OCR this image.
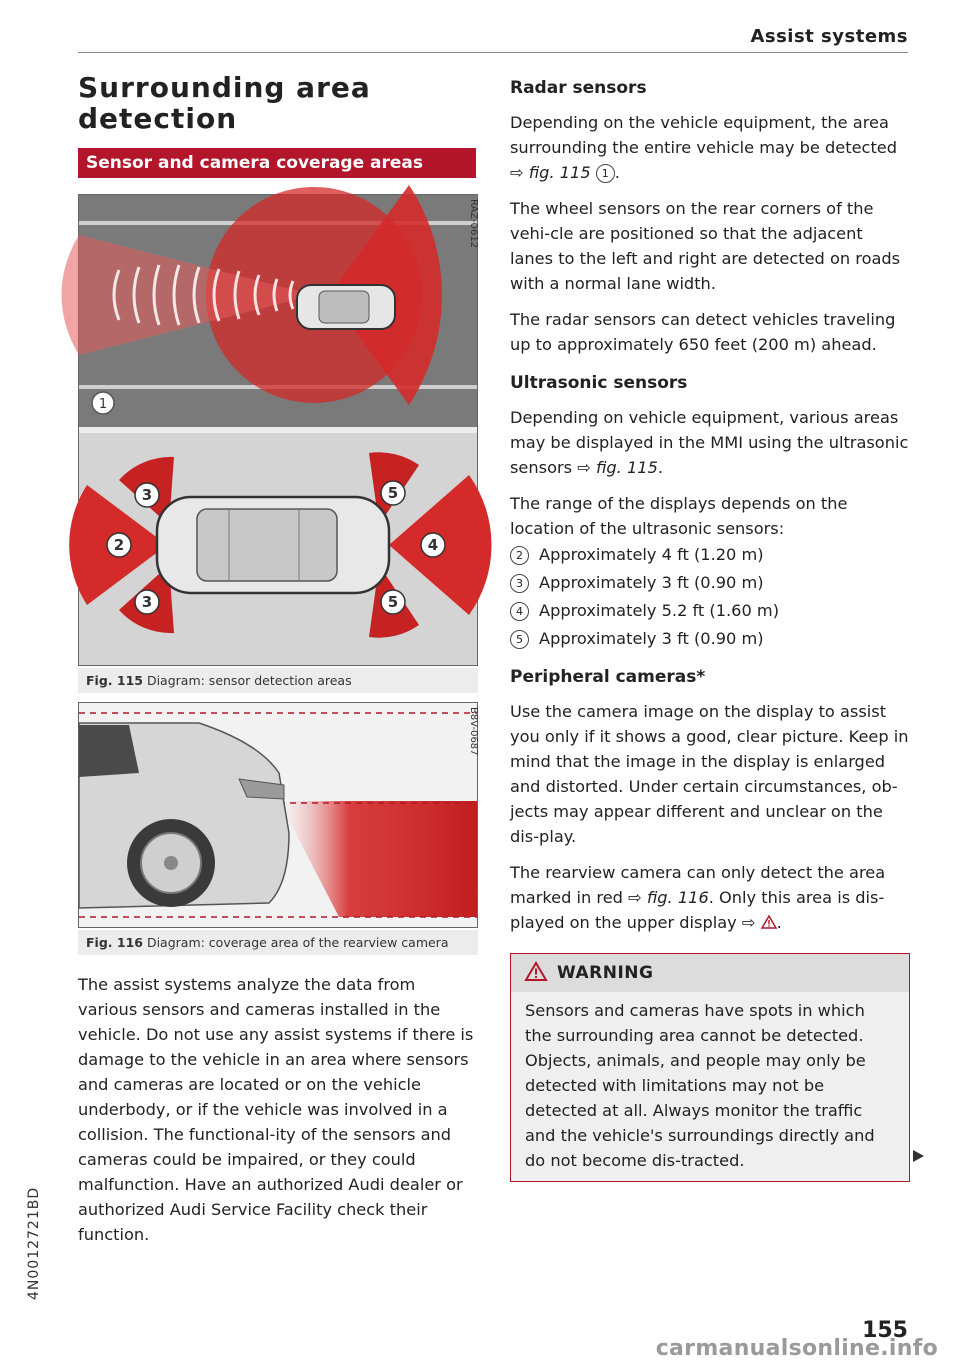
Assist systems
Surrounding area
detection
Sensor and camera coverage areas
1
2
3
3
4
5
5
RAZ-0612
Fig. 115 Diagram: sensor detection areas
B8V-0687
Fig. 116 Diagram: coverage area of the rearview camera
The assist systems analyze the data from various sensors and cameras installed in the vehicle. Do not use any assist systems if there is damage to the vehicle in an area where sensors and cameras are located or on the vehicle underbody, or if the vehicle was involved in a collision. The functional-ity of the sensors and cameras could be impaired, or they could malfunction. Have an authorized Audi dealer or authorized Audi Service Facility check their function.
Radar sensors

Depending on the vehicle equipment, the area surrounding the entire vehicle may be detected ⇨ fig. 115 1 .

The wheel sensors on the rear corners of the vehi-cle are positioned so that the adjacent lanes to the left and right are detected on roads with a normal lane width.

The radar sensors can detect vehicles traveling up to approximately 650 feet (200 m) ahead.

Ultrasonic sensors

Depending on vehicle equipment, various areas may be displayed in the MMI using the ultrasonic sensors ⇨ fig. 115.

The range of the displays depends on the location of the ultrasonic sensors:

2 Approximately 4 ft (1.20 m)
3 Approximately 3 ft (0.90 m)
4 Approximately 5.2 ft (1.60 m)
5 Approximately 3 ft (0.90 m)
Peripheral cameras*

Use the camera image on the display to assist you only if it shows a good, clear picture. Keep in mind that the image in the display is enlarged and distorted. Under certain circumstances, ob-jects may appear different and unclear on the dis-play.

The rearview camera can only detect the area marked in red ⇨ fig. 116. Only this area is dis-played on the upper display ⇨ .

WARNING
Sensors and cameras have spots in which the surrounding area cannot be detected. Objects, animals, and people may only be detected with limitations may not be detected at all. Always monitor the traffic and the vehicle's surroundings directly and do not become dis-tracted.
4N0012721BD
155
carmanualsonline.info
